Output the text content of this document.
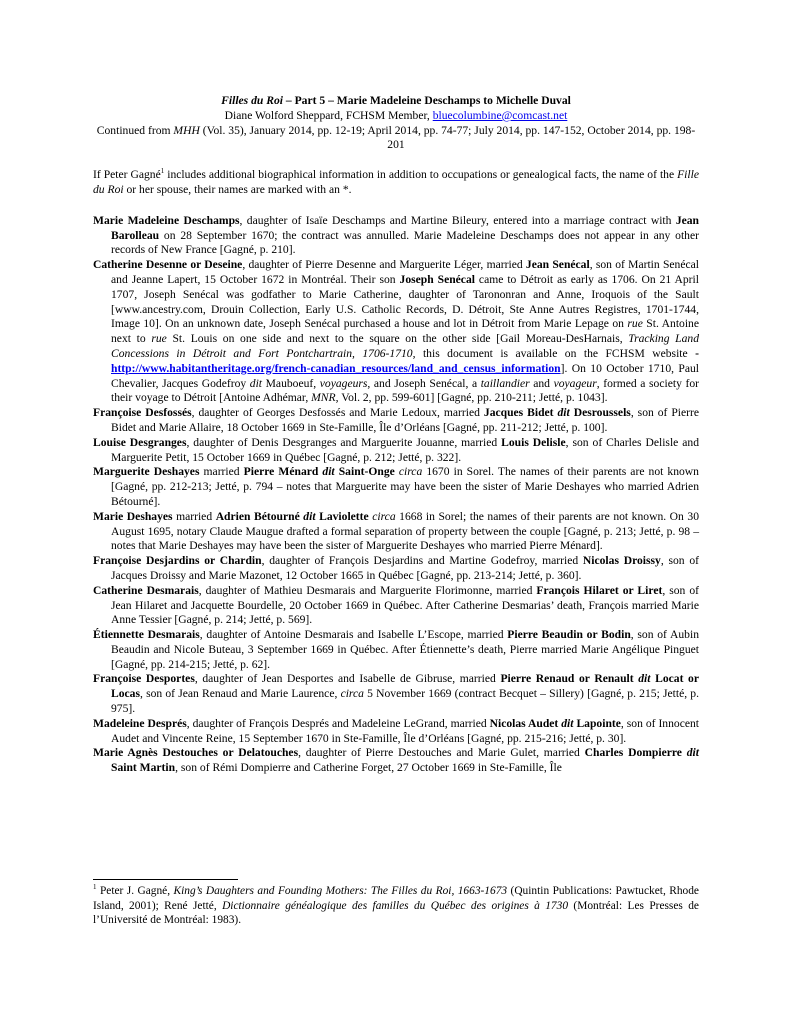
Filles du Roi – Part 5 – Marie Madeleine Deschamps to Michelle Duval
Diane Wolford Sheppard, FCHSM Member, bluecolumbine@comcast.net
Continued from MHH (Vol. 35), January 2014, pp. 12-19; April 2014, pp. 74-77; July 2014, pp. 147-152, October 2014, pp. 198-201
If Peter Gagné$^1$ includes additional biographical information in addition to occupations or genealogical facts, the name of the Fille du Roi or her spouse, their names are marked with an *.
Marie Madeleine Deschamps, daughter of Isaïe Deschamps and Martine Bileury, entered into a marriage contract with Jean Barolleau on 28 September 1670; the contract was annulled. Marie Madeleine Deschamps does not appear in any other records of New France [Gagné, p. 210].
Catherine Desenne or Deseine, daughter of Pierre Desenne and Marguerite Léger, married Jean Senécal, son of Martin Senécal and Jeanne Lapert, 15 October 1672 in Montréal. Their son Joseph Senécal came to Détroit as early as 1706. On 21 April 1707, Joseph Senécal was godfather to Marie Catherine, daughter of Tarononran and Anne, Iroquois of the Sault [www.ancestry.com, Drouin Collection, Early U.S. Catholic Records, D. Détroit, Ste Anne Autres Registres, 1701-1744, Image 10]. On an unknown date, Joseph Senécal purchased a house and lot in Détroit from Marie Lepage on rue St. Antoine next to rue St. Louis on one side and next to the square on the other side [Gail Moreau-DesHarnais, Tracking Land Concessions in Détroit and Fort Pontchartrain, 1706-1710, this document is available on the FCHSM website - http://www.habitantheritage.org/french-canadian_resources/land_and_census_information]. On 10 October 1710, Paul Chevalier, Jacques Godefroy dit Mauboeuf, voyageurs, and Joseph Senécal, a taillandier and voyageur, formed a society for their voyage to Détroit [Antoine Adhémar, MNR, Vol. 2, pp. 599-601] [Gagné, pp. 210-211; Jetté, p. 1043].
Françoise Desfossés, daughter of Georges Desfossés and Marie Ledoux, married Jacques Bidet dit Desroussels, son of Pierre Bidet and Marie Allaire, 18 October 1669 in Ste-Famille, Île d’Orléans [Gagné, pp. 211-212; Jetté, p. 100].
Louise Desgranges, daughter of Denis Desgranges and Marguerite Jouanne, married Louis Delisle, son of Charles Delisle and Marguerite Petit, 15 October 1669 in Québec [Gagné, p. 212; Jetté, p. 322].
Marguerite Deshayes married Pierre Ménard dit Saint-Onge circa 1670 in Sorel. The names of their parents are not known [Gagné, pp. 212-213; Jetté, p. 794 – notes that Marguerite may have been the sister of Marie Deshayes who married Adrien Bétourné].
Marie Deshayes married Adrien Bétourné dit Laviolette circa 1668 in Sorel; the names of their parents are not known. On 30 August 1695, notary Claude Maugue drafted a formal separation of property between the couple [Gagné, p. 213; Jetté, p. 98 – notes that Marie Deshayes may have been the sister of Marguerite Deshayes who married Pierre Ménard].
Françoise Desjardins or Chardin, daughter of François Desjardins and Martine Godefroy, married Nicolas Droissy, son of Jacques Droissy and Marie Mazonet, 12 October 1665 in Québec [Gagné, pp. 213-214; Jetté, p. 360].
Catherine Desmarais, daughter of Mathieu Desmarais and Marguerite Florimonne, married François Hilaret or Liret, son of Jean Hilaret and Jacquette Bourdelle, 20 October 1669 in Québec. After Catherine Desmarias’ death, François married Marie Anne Tessier [Gagné, p. 214; Jetté, p. 569].
Étiennette Desmarais, daughter of Antoine Desmarais and Isabelle L’Escope, married Pierre Beaudin or Bodin, son of Aubin Beaudin and Nicole Buteau, 3 September 1669 in Québec. After Étiennette’s death, Pierre married Marie Angélique Pinguet [Gagné, pp. 214-215; Jetté, p. 62].
Françoise Desportes, daughter of Jean Desportes and Isabelle de Gibruse, married Pierre Renaud or Renault dit Locat or Locas, son of Jean Renaud and Marie Laurence, circa 5 November 1669 (contract Becquet – Sillery) [Gagné, p. 215; Jetté, p. 975].
Madeleine Després, daughter of François Després and Madeleine LeGrand, married Nicolas Audet dit Lapointe, son of Innocent Audet and Vincente Reine, 15 September 1670 in Ste-Famille, Île d’Orléans [Gagné, pp. 215-216; Jetté, p. 30].
Marie Agnès Destouches or Delatouches, daughter of Pierre Destouches and Marie Gulet, married Charles Dompierre dit Saint Martin, son of Rémi Dompierre and Catherine Forget, 27 October 1669 in Ste-Famille, Île
$^1$ Peter J. Gagné, King’s Daughters and Founding Mothers: The Filles du Roi, 1663-1673 (Quintin Publications: Pawtucket, Rhode Island, 2001); René Jetté, Dictionnaire généalogique des familles du Québec des origines à 1730 (Montréal: Les Presses de l’Université de Montréal: 1983).
